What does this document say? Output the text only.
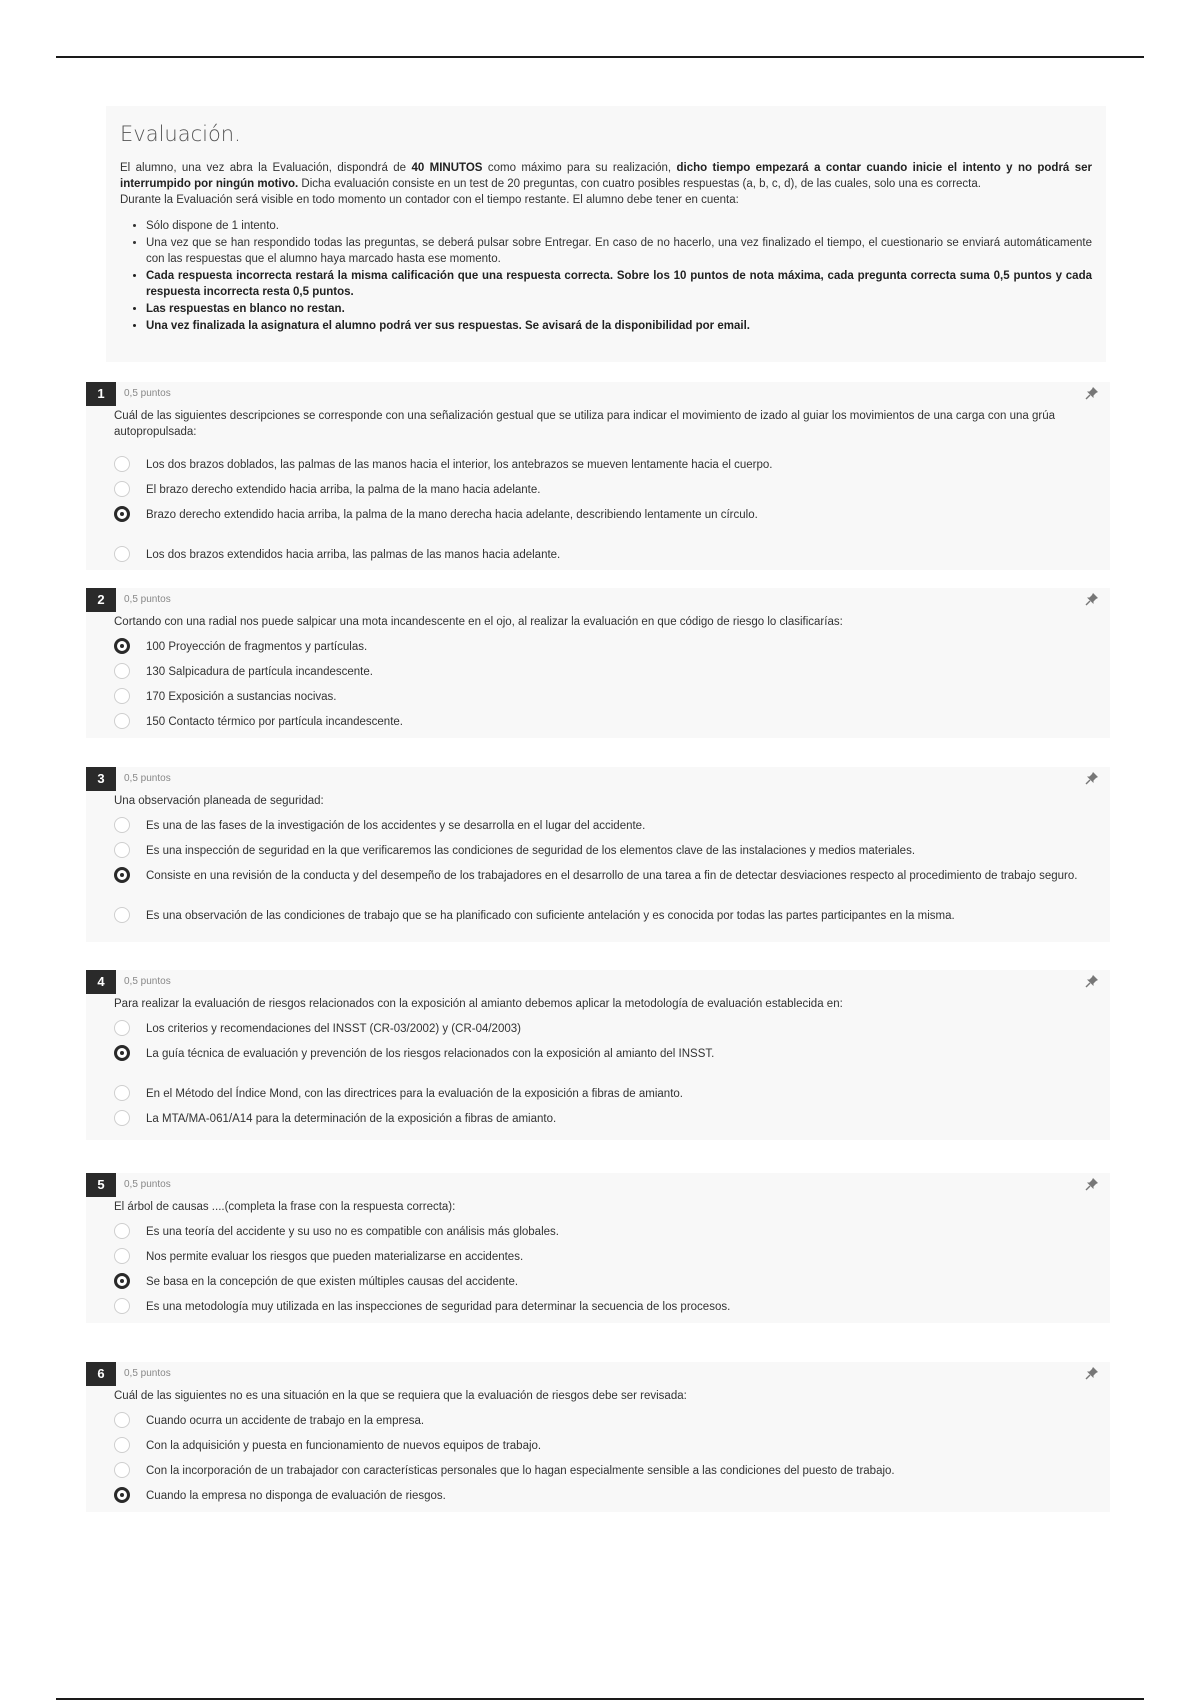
Evaluación.

El alumno, una vez abra la Evaluación, dispondrá de 40 MINUTOS como máximo para su realización, dicho tiempo empezará a contar cuando inicie el intento y no podrá ser interrumpido por ningún motivo. Dicha evaluación consiste en un test de 20 preguntas, con cuatro posibles respuestas (a, b, c, d), de las cuales, solo una es correcta.

Durante la Evaluación será visible en todo momento un contador con el tiempo restante. El alumno debe tener en cuenta:

• Sólo dispone de 1 intento.
• Una vez que se han respondido todas las preguntas, se deberá pulsar sobre Entregar. En caso de no hacerlo, una vez finalizado el tiempo, el cuestionario se enviará automáticamente con las respuestas que el alumno haya marcado hasta ese momento.
• Cada respuesta incorrecta restará la misma calificación que una respuesta correcta. Sobre los 10 puntos de nota máxima, cada pregunta correcta suma 0,5 puntos y cada respuesta incorrecta resta 0,5 puntos.
• Las respuestas en blanco no restan.
• Una vez finalizada la asignatura el alumno podrá ver sus respuestas. Se avisará de la disponibilidad por email.
1	0,5 puntos
Cuál de las siguientes descripciones se corresponde con una señalización gestual que se utiliza para indicar el movimiento de izado al guiar los movimientos de una carga con una grúa autopropulsada:
Los dos brazos doblados, las palmas de las manos hacia el interior, los antebrazos se mueven lentamente hacia el cuerpo.
El brazo derecho extendido hacia arriba, la palma de la mano hacia adelante.
Brazo derecho extendido hacia arriba, la palma de la mano derecha hacia adelante, describiendo lentamente un círculo.
Los dos brazos extendidos hacia arriba, las palmas de las manos hacia adelante.
2	0,5 puntos
Cortando con una radial nos puede salpicar una mota incandescente en el ojo, al realizar la evaluación en que código de riesgo lo clasificarías:
100 Proyección de fragmentos y partículas.
130 Salpicadura de partícula incandescente.
170 Exposición a sustancias nocivas.
150 Contacto térmico por partícula incandescente.
3	0,5 puntos
Una observación planeada de seguridad:
Es una de las fases de la investigación de los accidentes y se desarrolla en el lugar del accidente.
Es una inspección de seguridad en la que verificaremos las condiciones de seguridad de los elementos clave de las instalaciones y medios materiales.
Consiste en una revisión de la conducta y del desempeño de los trabajadores en el desarrollo de una tarea a fin de detectar desviaciones respecto al procedimiento de trabajo seguro.
Es una observación de las condiciones de trabajo que se ha planificado con suficiente antelación y es conocida por todas las partes participantes en la misma.
4	0,5 puntos
Para realizar la evaluación de riesgos relacionados con la exposición al amianto debemos aplicar la metodología de evaluación establecida en:
Los criterios y recomendaciones del INSST (CR-03/2002) y (CR-04/2003)
La guía técnica de evaluación y prevención de los riesgos relacionados con la exposición al amianto del INSST.
En el Método del Índice Mond, con las directrices para la evaluación de la exposición a fibras de amianto.
La MTA/MA-061/A14 para la determinación de la exposición a fibras de amianto.
5	0,5 puntos
El árbol de causas ....(completa la frase con la respuesta correcta):
Es una teoría del accidente y su uso no es compatible con análisis más globales.
Nos permite evaluar los riesgos que pueden materializarse en accidentes.
Se basa en la concepción de que existen múltiples causas del accidente.
Es una metodología muy utilizada en las inspecciones de seguridad para determinar la secuencia de los procesos.
6	0,5 puntos
Cuál de las siguientes no es una situación en la que se requiera que la evaluación de riesgos debe ser revisada:
Cuando ocurra un accidente de trabajo en la empresa.
Con la adquisición y puesta en funcionamiento de nuevos equipos de trabajo.
Con la incorporación de un trabajador con características personales que lo hagan especialmente sensible a las condiciones del puesto de trabajo.
Cuando la empresa no disponga de evaluación de riesgos.
